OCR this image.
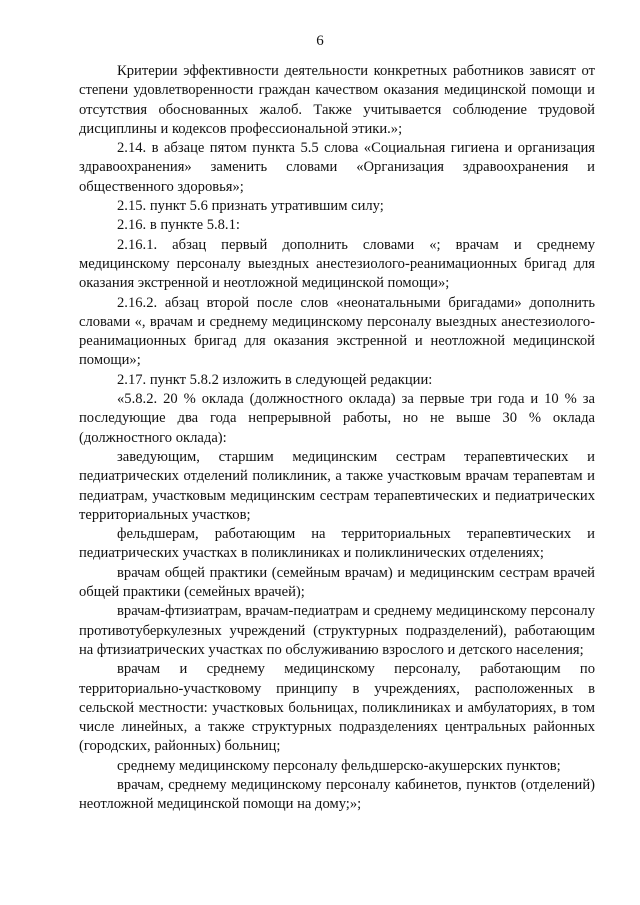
6

Критерии эффективности деятельности конкретных работников зависят от степени удовлетворенности граждан качеством оказания медицинской помощи и отсутствия обоснованных жалоб. Также учитывается соблюдение трудовой дисциплины и кодексов профессиональной этики.»;

2.14. в абзаце пятом пункта 5.5 слова «Социальная гигиена и организация здравоохранения» заменить словами «Организация здравоохранения и общественного здоровья»;

2.15. пункт 5.6 признать утратившим силу;

2.16. в пункте 5.8.1:

2.16.1. абзац первый дополнить словами «; врачам и среднему медицинскому персоналу выездных анестезиолого-реанимационных бригад для оказания экстренной и неотложной медицинской помощи»;

2.16.2. абзац второй после слов «неонатальными бригадами» дополнить словами «, врачам и среднему медицинскому персоналу выездных анестезиолого-реанимационных бригад для оказания экстренной и неотложной медицинской помощи»;

2.17. пункт 5.8.2 изложить в следующей редакции:

«5.8.2. 20 % оклада (должностного оклада) за первые три года и 10 % за последующие два года непрерывной работы, но не выше 30 % оклада (должностного оклада):

заведующим, старшим медицинским сестрам терапевтических и педиатрических отделений поликлиник, а также участковым врачам терапевтам и педиатрам, участковым медицинским сестрам терапевтических и педиатрических территориальных участков;

фельдшерам, работающим на территориальных терапевтических и педиатрических участках в поликлиниках и поликлинических отделениях;

врачам общей практики (семейным врачам) и медицинским сестрам врачей общей практики (семейных врачей);

врачам-фтизиатрам, врачам-педиатрам и среднему медицинскому персоналу противотуберкулезных учреждений (структурных подразделений), работающим на фтизиатрических участках по обслуживанию взрослого и детского населения;

врачам и среднему медицинскому персоналу, работающим по территориально-участковому принципу в учреждениях, расположенных в сельской местности: участковых больницах, поликлиниках и амбулаториях, в том числе линейных, а также структурных подразделениях центральных районных (городских, районных) больниц;

среднему медицинскому персоналу фельдшерско-акушерских пунктов;

врачам, среднему медицинскому персоналу кабинетов, пунктов (отделений) неотложной медицинской помощи на дому;»;
